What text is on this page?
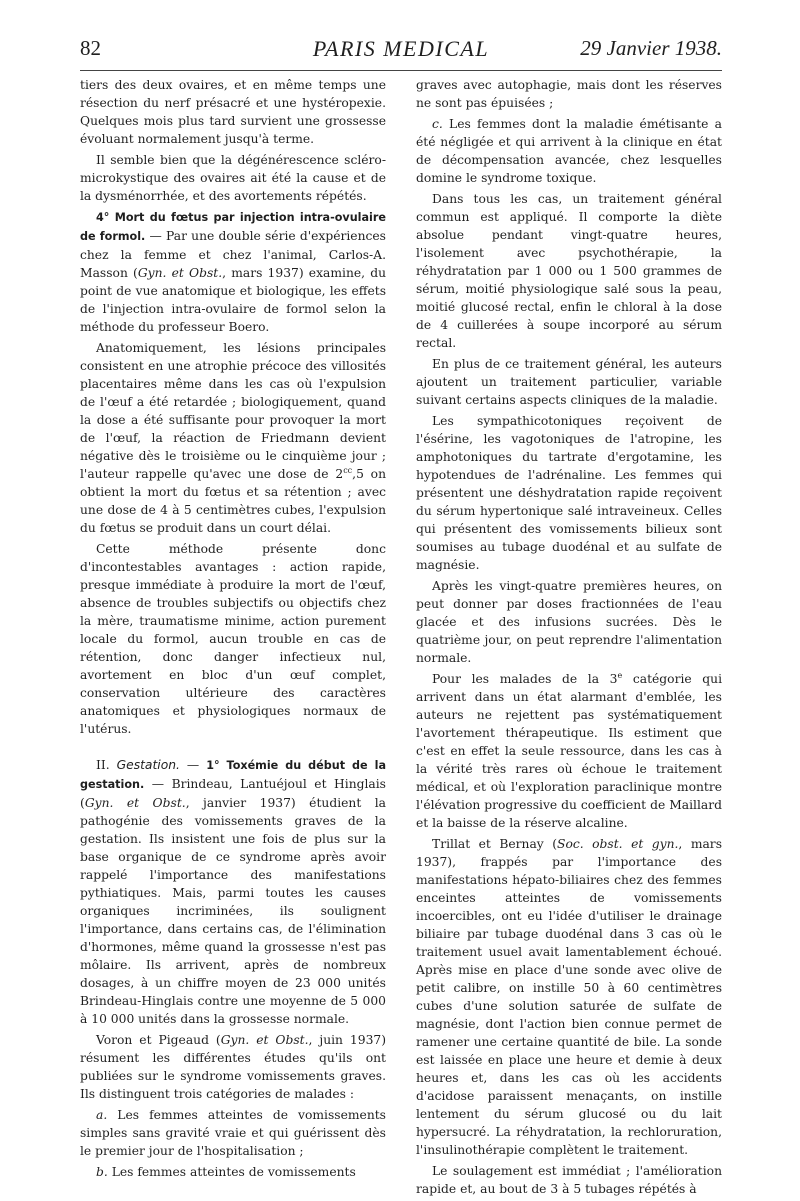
82	PARIS MEDICAL	29 Janvier 1938.

tiers des deux ovaires, et en même temps une résection du nerf présacré et une hystéropexie. Quelques mois plus tard survient une grossesse évoluant normalement jusqu'à terme.

Il semble bien que la dégénérescence scléro-microkystique des ovaires ait été la cause et de la dysménorrhée, et des avortements répétés.

4° Mort du fœtus par injection intra-ovulaire de formol. — Par une double série d'expériences chez la femme et chez l'animal, Carlos-A. Masson (Gyn. et Obst., mars 1937) examine, du point de vue anatomique et biologique, les effets de l'injection intra-ovulaire de formol selon la méthode du professeur Boero.

Anatomiquement, les lésions principales consistent en une atrophie précoce des villosités placentaires même dans les cas où l'expulsion de l'œuf a été retardée ; biologiquement, quand la dose a été suffisante pour provoquer la mort de l'œuf, la réaction de Friedmann devient négative dès le troisième ou le cinquième jour ; l'auteur rappelle qu'avec une dose de $2^{cc},5$ on obtient la mort du fœtus et sa rétention ; avec une dose de 4 à 5 centimètres cubes, l'expulsion du fœtus se produit dans un court délai.

Cette méthode présente donc d'incontestables avantages : action rapide, presque immédiate à produire la mort de l'œuf, absence de troubles subjectifs ou objectifs chez la mère, traumatisme minime, action purement locale du formol, aucun trouble en cas de rétention, donc danger infectieux nul, avortement en bloc d'un œuf complet, conservation ultérieure des caractères anatomiques et physiologiques normaux de l'utérus.

II. Gestation. — 1° Toxémie du début de la gestation. — Brindeau, Lantuéjoul et Hinglais (Gyn. et Obst., janvier 1937) étudient la pathogénie des vomissements graves de la gestation. Ils insistent une fois de plus sur la base organique de ce syndrome après avoir rappelé l'importance des manifestations pythiatiques. Mais, parmi toutes les causes organiques incriminées, ils soulignent l'importance, dans certains cas, de l'élimination d'hormones, même quand la grossesse n'est pas môlaire. Ils arrivent, après de nombreux dosages, à un chiffre moyen de 23 000 unités Brindeau-Hinglais contre une moyenne de 5 000 à 10 000 unités dans la grossesse normale.

Voron et Pigeaud (Gyn. et Obst., juin 1937) résument les différentes études qu'ils ont publiées sur le syndrome vomissements graves. Ils distinguent trois catégories de malades :

a. Les femmes atteintes de vomissements simples sans gravité vraie et qui guérissent dès le premier jour de l'hospitalisation ;

b. Les femmes atteintes de vomissements

graves avec autophagie, mais dont les réserves ne sont pas épuisées ;

c. Les femmes dont la maladie émétisante a été négligée et qui arrivent à la clinique en état de décompensation avancée, chez lesquelles domine le syndrome toxique.

Dans tous les cas, un traitement général commun est appliqué. Il comporte la diète absolue pendant vingt-quatre heures, l'isolement avec psychothérapie, la réhydratation par 1 000 ou 1 500 grammes de sérum, moitié physiologique salé sous la peau, moitié glucosé rectal, enfin le chloral à la dose de 4 cuillerées à soupe incorporé au sérum rectal.

En plus de ce traitement général, les auteurs ajoutent un traitement particulier, variable suivant certains aspects cliniques de la maladie.

Les sympathicotoniques reçoivent de l'ésérine, les vagotoniques de l'atropine, les amphotoniques du tartrate d'ergotamine, les hypotendues de l'adrénaline. Les femmes qui présentent une déshydratation rapide reçoivent du sérum hypertonique salé intraveineux. Celles qui présentent des vomissements bilieux sont soumises au tubage duodénal et au sulfate de magnésie.

Après les vingt-quatre premières heures, on peut donner par doses fractionnées de l'eau glacée et des infusions sucrées. Dès le quatrième jour, on peut reprendre l'alimentation normale.

Pour les malades de la 3e catégorie qui arrivent dans un état alarmant d'emblée, les auteurs ne rejettent pas systématiquement l'avortement thérapeutique. Ils estiment que c'est en effet la seule ressource, dans les cas à la vérité très rares où échoue le traitement médical, et où l'exploration paraclinique montre l'élévation progressive du coefficient de Maillard et la baisse de la réserve alcaline.

Trillat et Bernay (Soc. obst. et gyn., mars 1937), frappés par l'importance des manifestations hépato-biliaires chez des femmes enceintes atteintes de vomissements incoercibles, ont eu l'idée d'utiliser le drainage biliaire par tubage duodénal dans 3 cas où le traitement usuel avait lamentablement échoué. Après mise en place d'une sonde avec olive de petit calibre, on instille 50 à 60 centimètres cubes d'une solution saturée de sulfate de magnésie, dont l'action bien connue permet de ramener une certaine quantité de bile. La sonde est laissée en place une heure et demie à deux heures et, dans les cas où les accidents d'acidose paraissent menaçants, on instille lentement du sérum glucosé ou du lait hypersucré. La réhydratation, la rechloruration, l'insulinothérapie complètent le traitement.

Le soulagement est immédiat ; l'amélioration rapide et, au bout de 3 à 5 tubages répétés à
